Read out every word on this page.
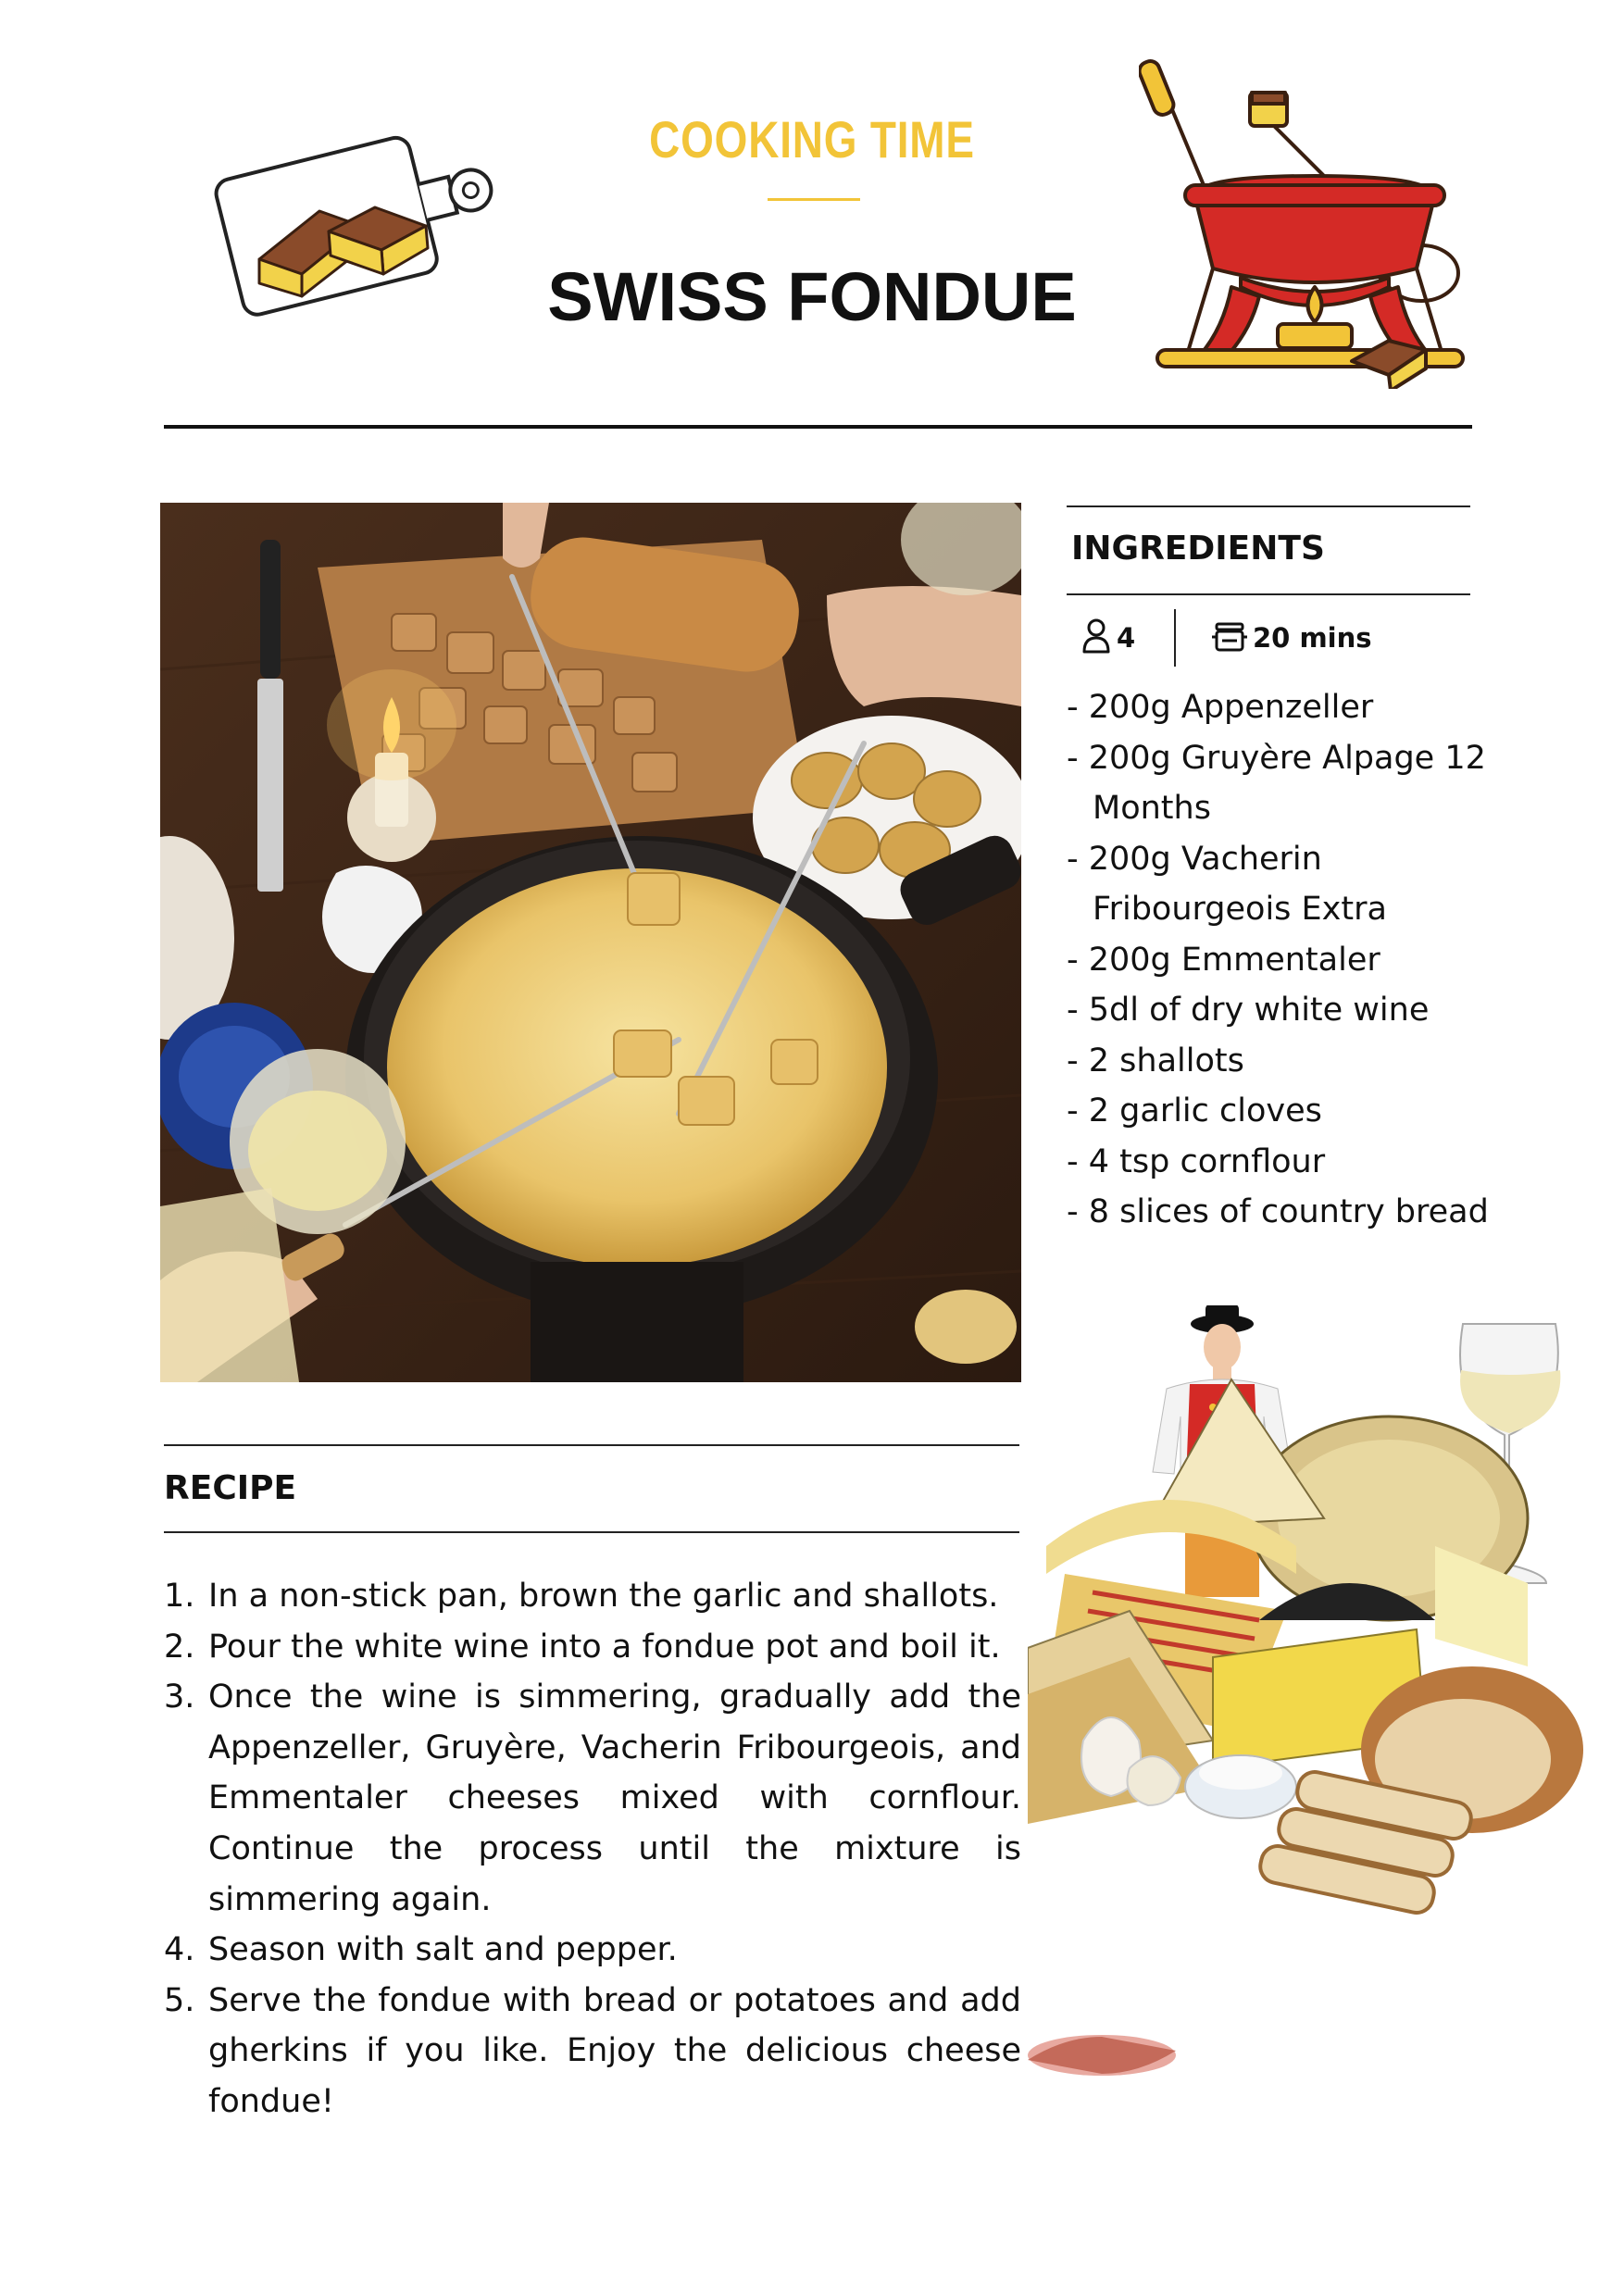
COOKING TIME
SWISS FONDUE
INGREDIENTS
4	20 mins
- 200g Appenzeller
- 200g Gruyère Alpage 12 Months
- 200g Vacherin Fribourgeois Extra
- 200g Emmentaler
- 5dl of dry white wine
- 2 shallots
- 2 garlic cloves
- 4 tsp cornflour
- 8 slices of country bread
RECIPE
1. In a non-stick pan, brown the garlic and shallots.
2. Pour the white wine into a fondue pot and boil it.
3. Once the wine is simmering, gradually add the Appenzeller, Gruyère, Vacherin Fribourgeois, and Emmentaler cheeses mixed with cornflour. Continue the process until the mixture is simmering again.
4. Season with salt and pepper.
5. Serve the fondue with bread or potatoes and add gherkins if you like. Enjoy the delicious cheese fondue!
